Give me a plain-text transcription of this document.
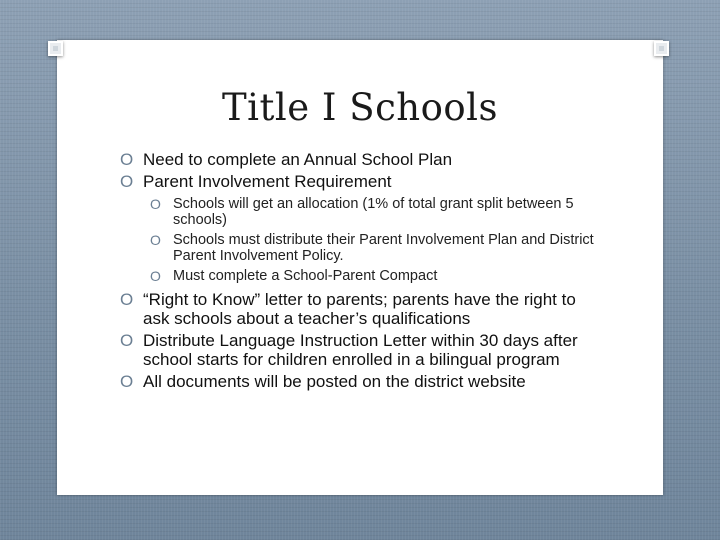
Title I Schools
O Need to complete an Annual School Plan
O Parent Involvement Requirement
O Schools will get an allocation (1% of total grant split between 5 schools)
O Schools must distribute their Parent Involvement Plan and District Parent Involvement Policy.
O Must complete a School-Parent Compact
O “Right to Know” letter to parents; parents have the right to ask schools about a teacher’s qualifications
O Distribute Language Instruction Letter within 30 days after school starts for children enrolled in a bilingual program
O All documents will be posted on the district website
